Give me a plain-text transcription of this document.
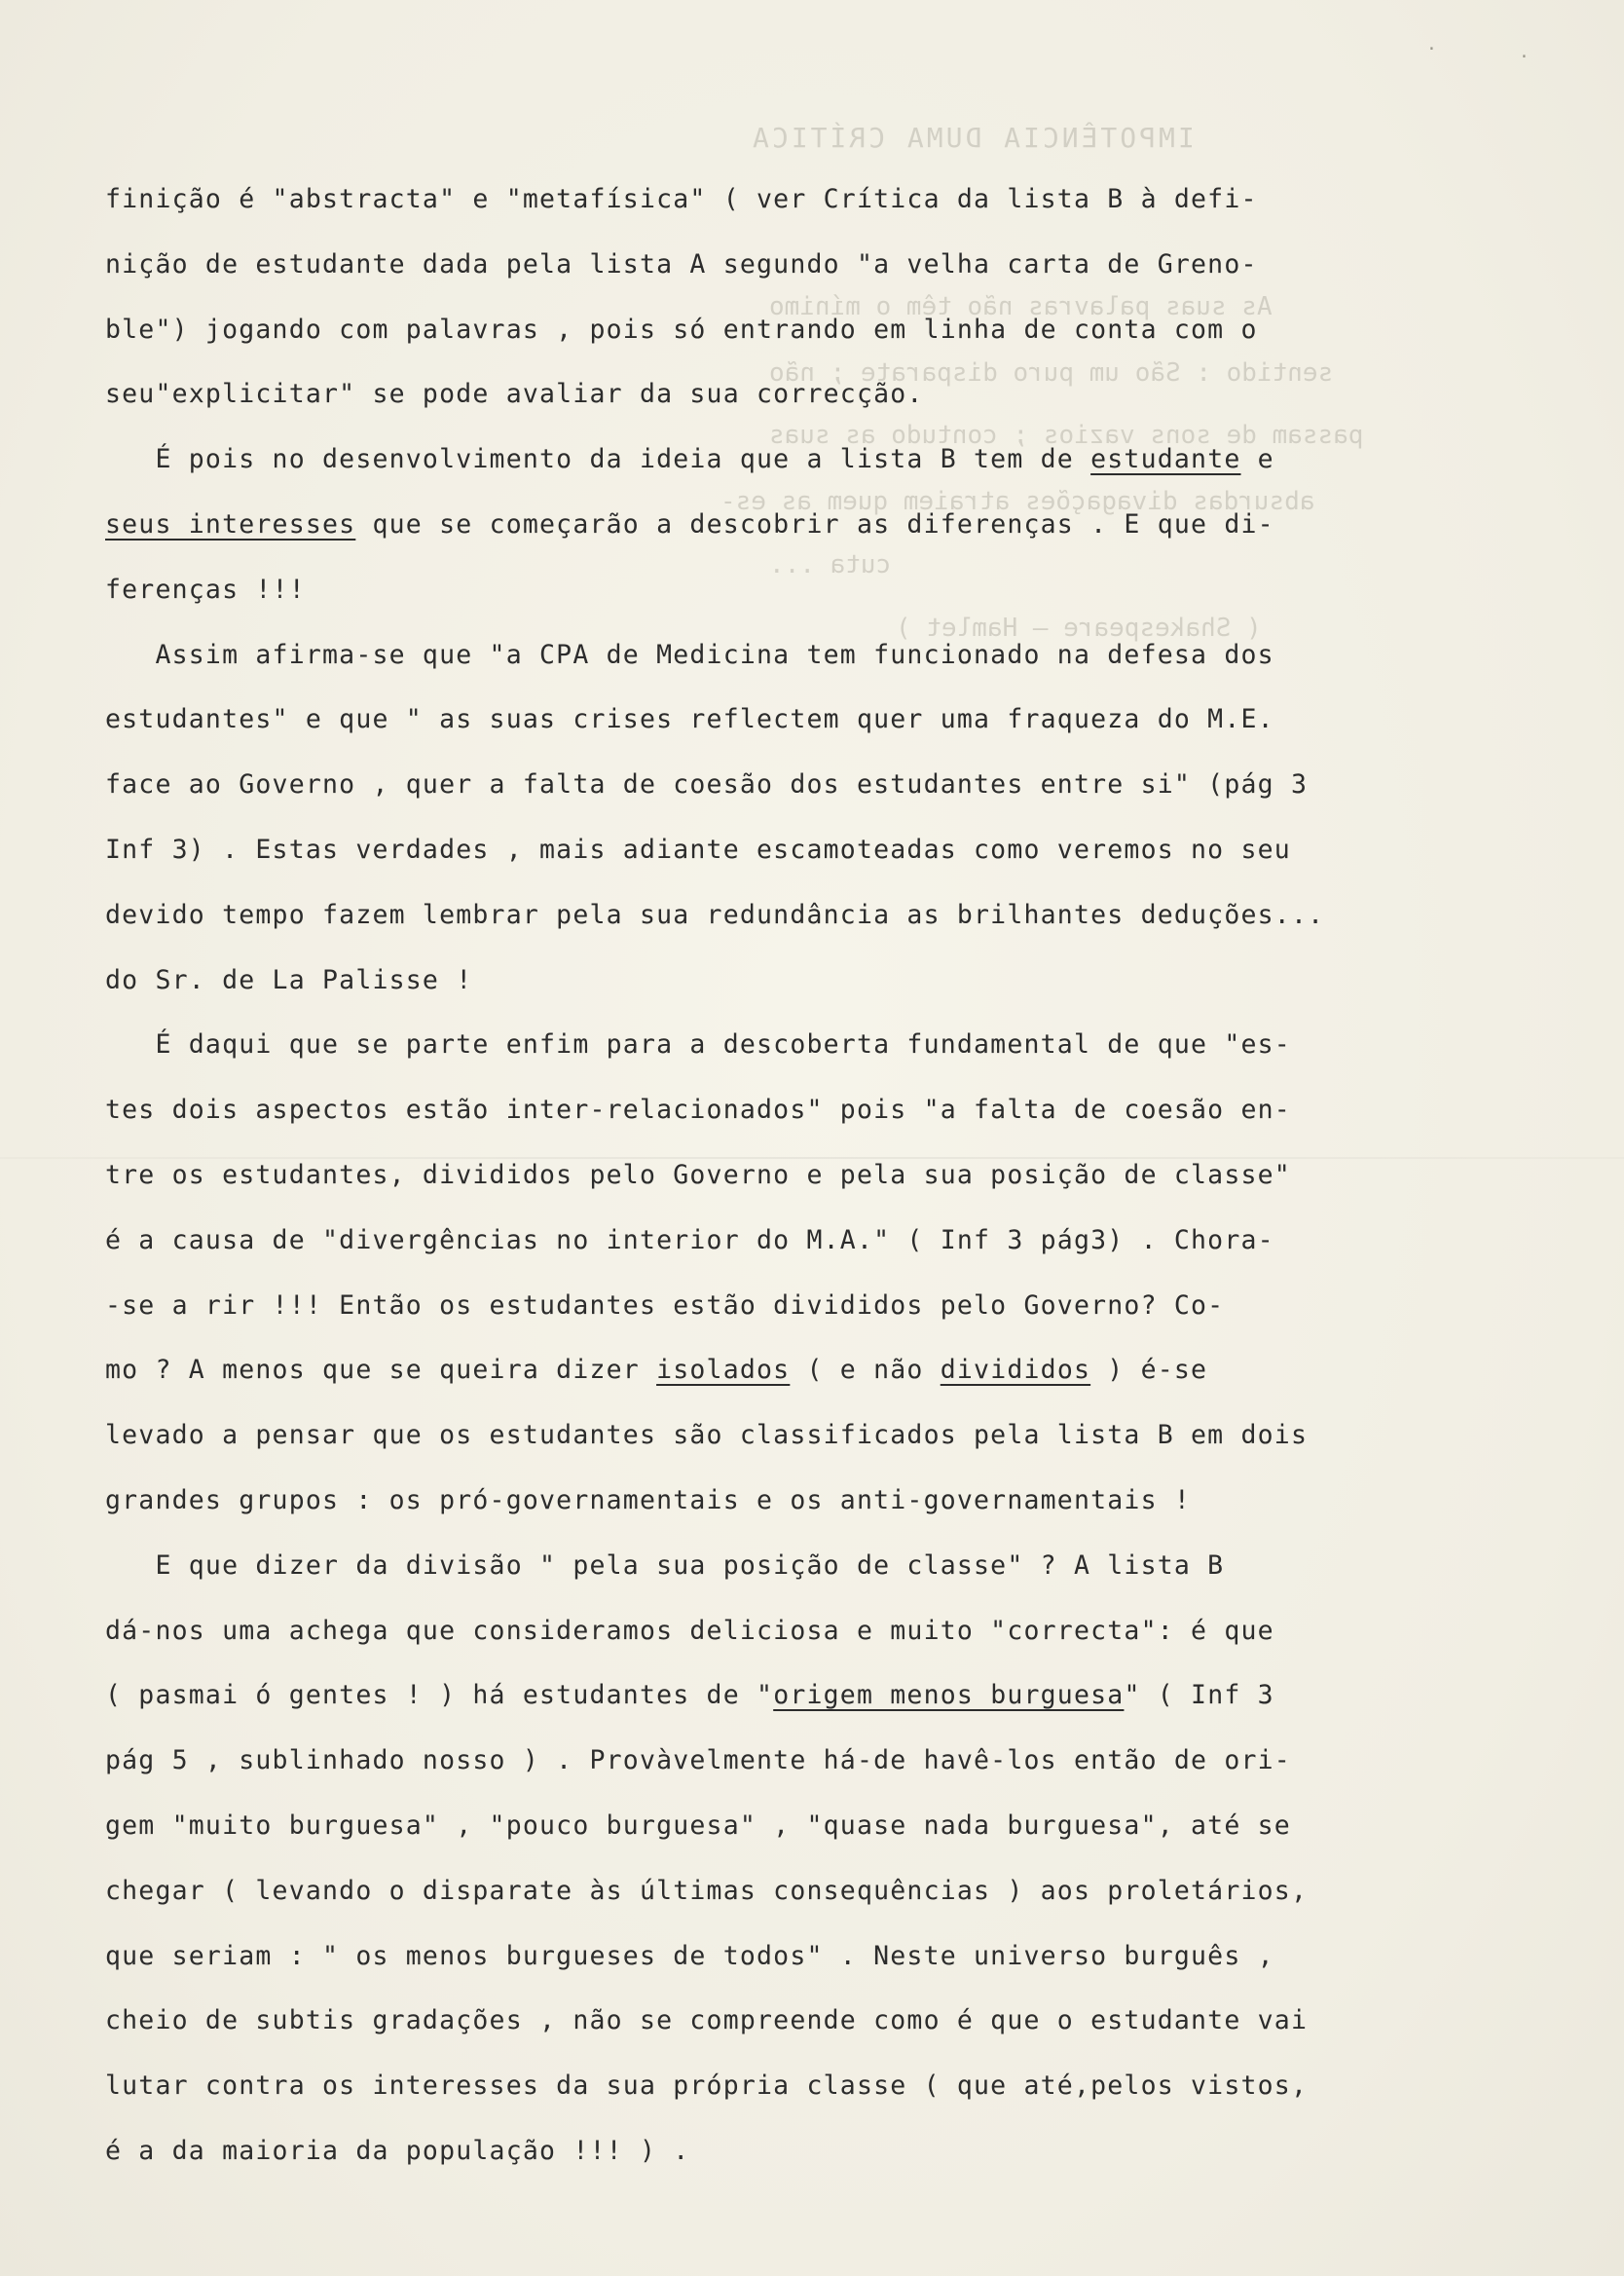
IMPOTÊNCIA DUMA CRÍTICA
As suas palavras não têm o mínimo
sentido : São um puro disparate ; não
passam de sons vazios ; contudo as suas
absurdas divagações atraiem quem as es-
cuta ...
( Shakespeare — Hamlet )
finição é "abstracta" e "metafísica" ( ver Crítica da lista B à defi-
nição de estudante dada pela lista A segundo "a velha carta de Greno-
ble") jogando com palavras , pois só entrando em linha de conta com o
seu"explicitar" se pode avaliar da sua correcção.
É pois no desenvolvimento da ideia que a lista B tem de estudante e
seus interesses que se começarão a descobrir as diferenças . E que di-
ferenças !!!
Assim afirma-se que "a CPA de Medicina tem funcionado na defesa dos
estudantes" e que " as suas crises reflectem quer uma fraqueza do M.E.
face ao Governo , quer a falta de coesão dos estudantes entre si" (pág 3
Inf 3) . Estas verdades , mais adiante escamoteadas como veremos no seu
devido tempo fazem lembrar pela sua redundância as brilhantes deduções...
do Sr. de La Palisse !
É daqui que se parte enfim para a descoberta fundamental de que "es-
tes dois aspectos estão inter-relacionados" pois "a falta de coesão en-
tre os estudantes, divididos pelo Governo e pela sua posição de classe"
é a causa de "divergências no interior do M.A." ( Inf 3 pág3) . Chora-
-se a rir !!! Então os estudantes estão divididos pelo Governo? Co-
mo ? A menos que se queira dizer isolados ( e não divididos ) é-se
levado a pensar que os estudantes são classificados pela lista B em dois
grandes grupos : os pró-governamentais e os anti-governamentais !
E que dizer da divisão " pela sua posição de classe" ? A lista B
dá-nos uma achega que consideramos deliciosa e muito "correcta": é que
( pasmai ó gentes ! ) há estudantes de "origem menos burguesa" ( Inf 3
pág 5 , sublinhado nosso ) . Provàvelmente há-de havê-los então de ori-
gem "muito burguesa" , "pouco burguesa" , "quase nada burguesa", até se
chegar ( levando o disparate às últimas consequências ) aos proletários,
que seriam : " os menos burgueses de todos" . Neste universo burguês ,
cheio de subtis gradações , não se compreende como é que o estudante vai
lutar contra os interesses da sua própria classe ( que até,pelos vistos,
é a da maioria da população !!! ) .
·	·
